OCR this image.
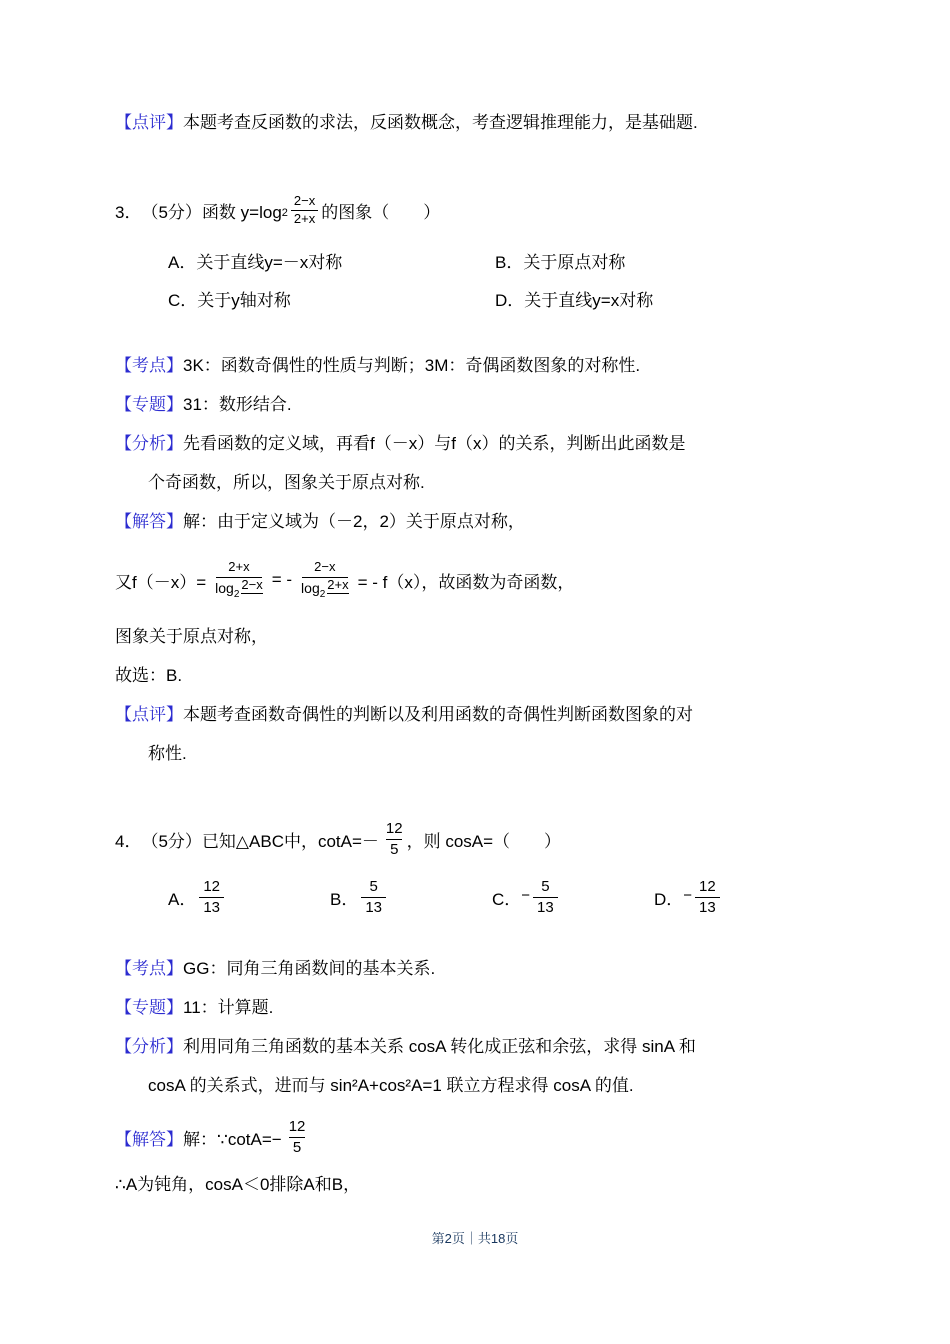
【点评】本题考查反函数的求法，反函数概念，考查逻辑推理能力，是基础题.
3． （5分） 函数 y=log $2 \frac{2-x}{2+x}$ 的图象（　　）
A．关于直线y=－x对称	B．关于原点对称
C．关于y轴对称	D．关于直线y=x对称
【考点】3K：函数奇偶性的性质与判断；3M：奇偶函数图象的对称性.
【专题】31：数形结合.
【分析】先看函数的定义域，再看f（－x）与f（x）的关系，判断出此函数是
个奇函数，所以，图象关于原点对称.
【解答】解：由于定义域为（－2，2）关于原点对称，
又f（－x）= 2+x
$\log_2$
2−x = - 2−x
$\log_2$
2+x = - f（x），故函数为奇函数，
图象关于原点对称，
故选：B.
【点评】本题考查函数奇偶性的判断以及利用函数的奇偶性判断函数图象的对
称性.
4． （5分） 已知△ABC中，$\cot A=- \frac{12}{5}$ ，则 cosA=（　　）
A． $\frac{12}{13}$	B． $\frac{5}{13}$	C． − $\frac{5}{13}$	D． − $\frac{12}{13}$
【考点】GG：同角三角函数间的基本关系.
【专题】11：计算题.
【分析】利用同角三角函数的基本关系 cosA 转化成正弦和余弦，求得 sinA 和
cosA 的关系式，进而与 sin²A+cos²A=1 联立方程求得 cosA 的值.
【解答】 解：∵cotA=− $\frac{12}{5}$
∴A为钝角，cosA＜0排除A和B，
第2页｜共18页
